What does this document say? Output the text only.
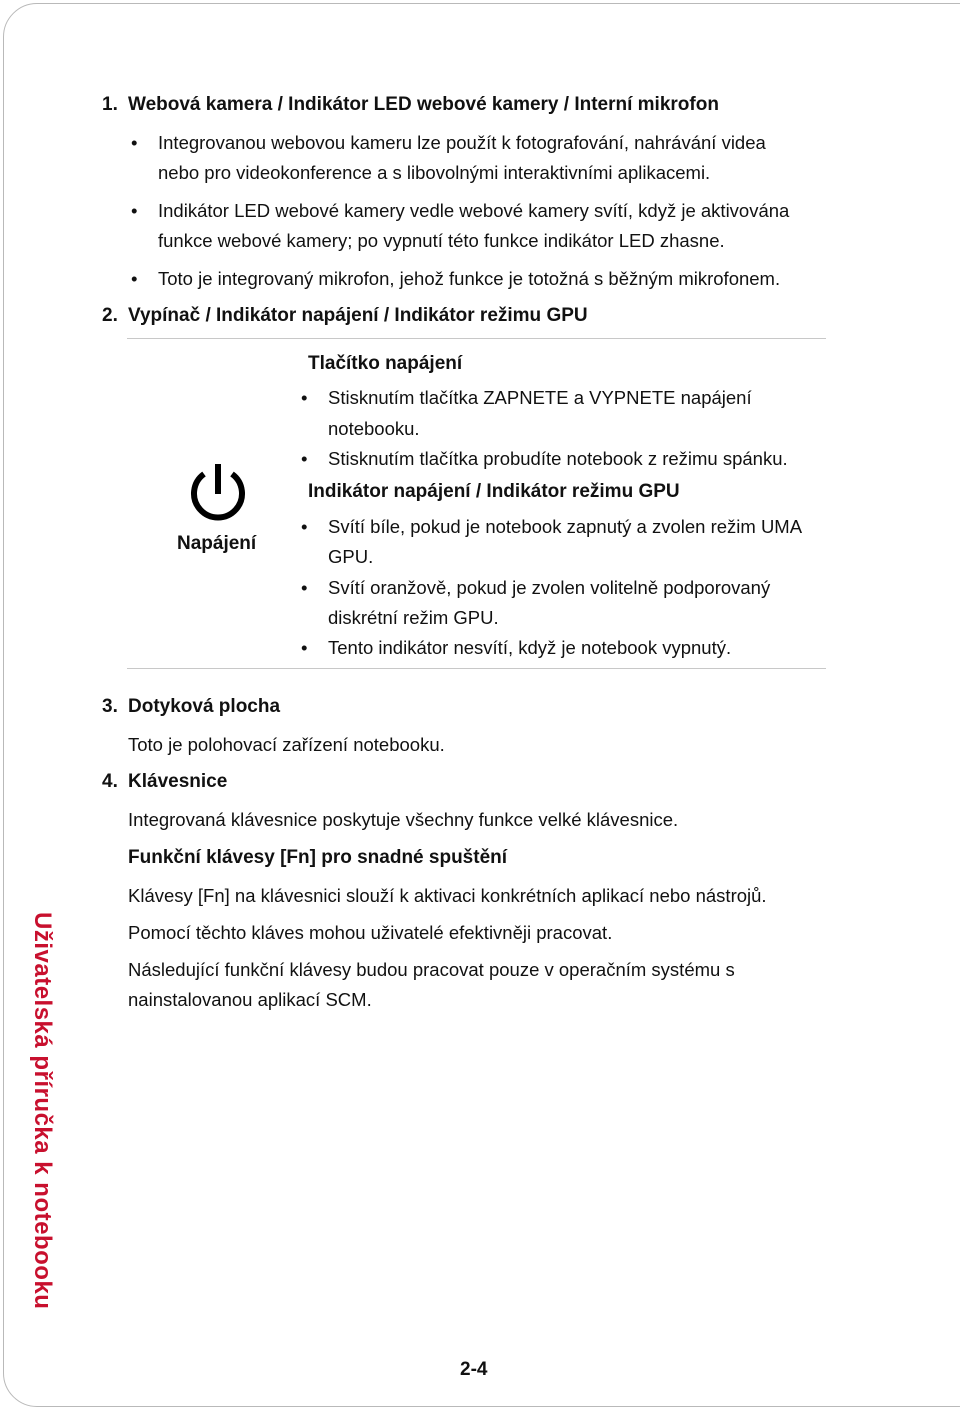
1. Webová kamera / Indikátor LED webové kamery / Interní mikrofon
• Integrovanou webovou kameru lze použít k fotografování, nahrávání videa
nebo pro videokonference a s libovolnými interaktivními aplikacemi.
• Indikátor LED webové kamery vedle webové kamery svítí, když je aktivována
funkce webové kamery; po vypnutí této funkce indikátor LED zhasne.
• Toto je integrovaný mikrofon, jehož funkce je totožná s běžným mikrofonem.
2. Vypínač / Indikátor napájení / Indikátor režimu GPU
Napájení
Tlačítko napájení
• Stisknutím tlačítka ZAPNETE a VYPNETE napájení
notebooku.
• Stisknutím tlačítka probudíte notebook z režimu spánku.
Indikátor napájení / Indikátor režimu GPU
• Svítí bíle, pokud je notebook zapnutý a zvolen režim UMA
GPU.
• Svítí oranžově, pokud je zvolen volitelně podporovaný
diskrétní režim GPU.
• Tento indikátor nesvítí, když je notebook vypnutý.
3. Dotyková plocha
Toto je polohovací zařízení notebooku.
4. Klávesnice
Integrovaná klávesnice poskytuje všechny funkce velké klávesnice.
Funkční klávesy [Fn] pro snadné spuštění
Klávesy [Fn] na klávesnici slouží k aktivaci konkrétních aplikací nebo nástrojů.
Pomocí těchto kláves mohou uživatelé efektivněji pracovat.
Následující funkční klávesy budou pracovat pouze v operačním systému s
nainstalovanou aplikací SCM.
Uživatelská příručka k notebooku
2-4
